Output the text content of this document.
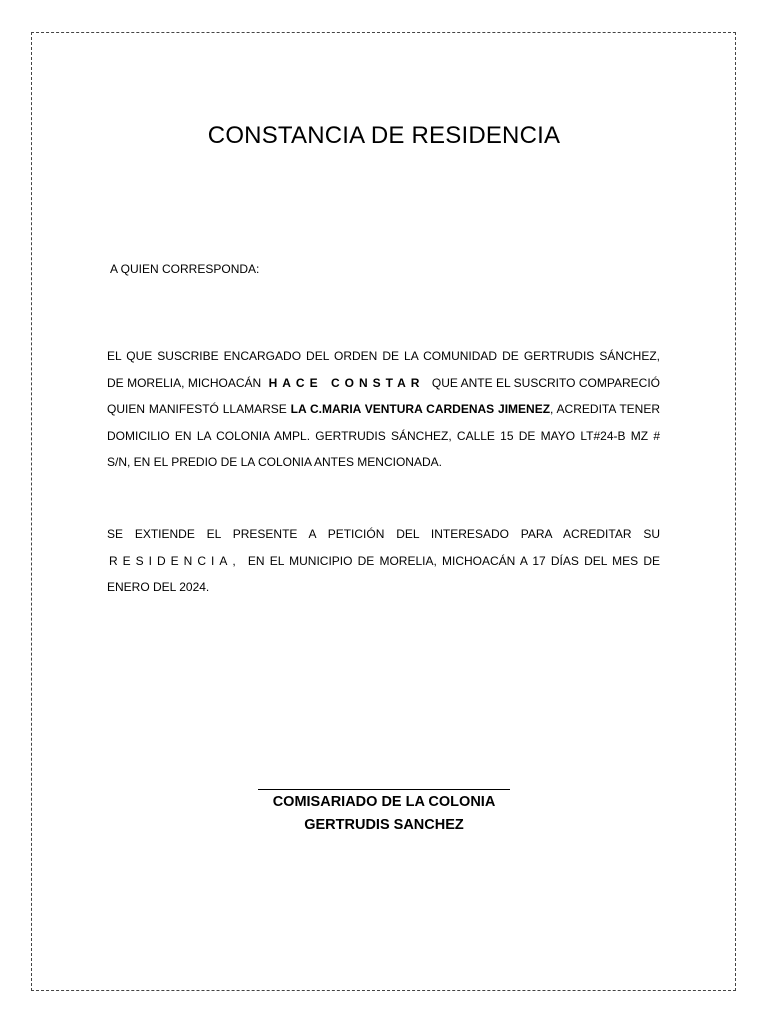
CONSTANCIA DE RESIDENCIA
A QUIEN CORRESPONDA:
EL QUE SUSCRIBE ENCARGADO DEL ORDEN DE LA COMUNIDAD DE GERTRUDIS SÁNCHEZ, DE MORELIA, MICHOACÁN HACE CONSTAR QUE ANTE EL SUSCRITO COMPARECIÓ QUIEN MANIFESTÓ LLAMARSE LA C.MARIA VENTURA CARDENAS JIMENEZ, ACREDITA TENER DOMICILIO EN LA COLONIA AMPL. GERTRUDIS SÁNCHEZ, CALLE 15 DE MAYO LT#24-B MZ # S/N, EN EL PREDIO DE LA COLONIA ANTES MENCIONADA.
SE EXTIENDE EL PRESENTE A PETICIÓN DEL INTERESADO PARA ACREDITAR SU RESIDENCIA, EN EL MUNICIPIO DE MORELIA, MICHOACÁN A 17 DÍAS DEL MES DE ENERO DEL 2024.
COMISARIADO DE LA COLONIA
GERTRUDIS SANCHEZ
